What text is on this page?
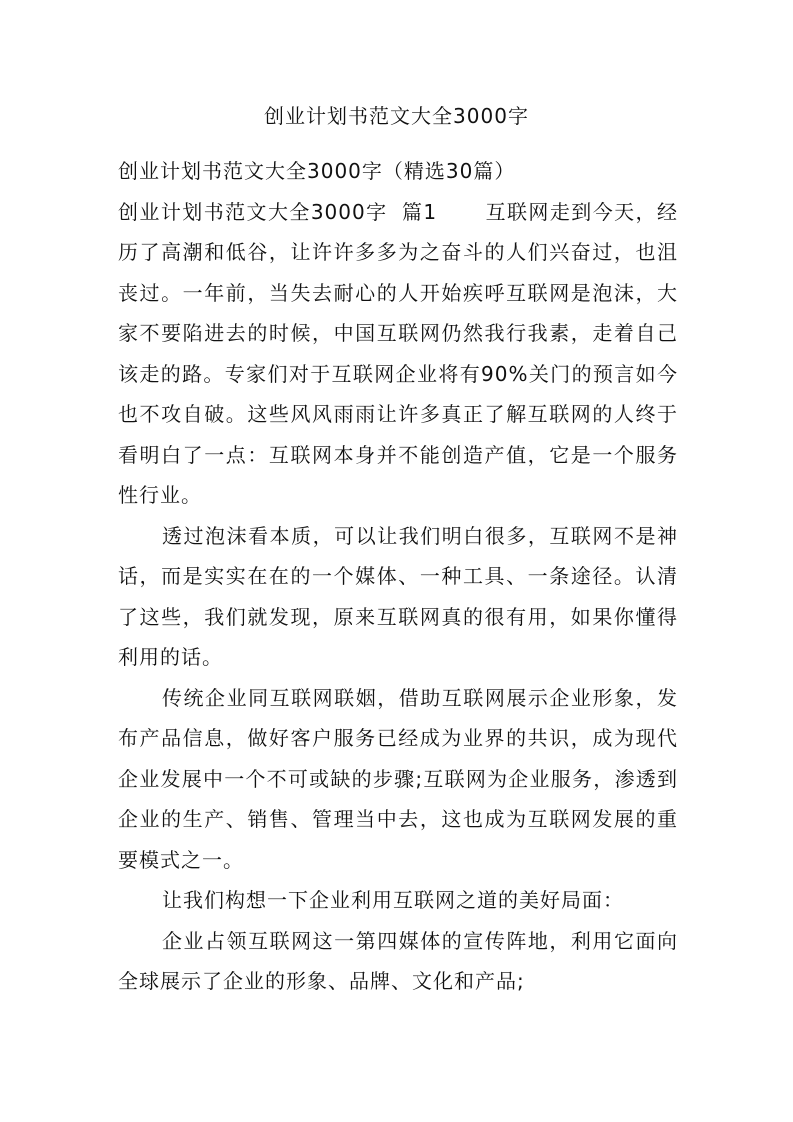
创业计划书范文大全3000字

创业计划书范文大全3000字（精选30篇）

创业计划书范文大全3000字 篇1 互联网走到今天，经历了高潮和低谷，让许许多多为之奋斗的人们兴奋过，也沮丧过。一年前，当失去耐心的人开始疾呼互联网是泡沫，大家不要陷进去的时候，中国互联网仍然我行我素，走着自己该走的路。专家们对于互联网企业将有90%关门的预言如今也不攻自破。这些风风雨雨让许多真正了解互联网的人终于看明白了一点：互联网本身并不能创造产值，它是一个服务性行业。

透过泡沫看本质，可以让我们明白很多，互联网不是神话，而是实实在在的一个媒体、一种工具、一条途径。认清了这些，我们就发现，原来互联网真的很有用，如果你懂得利用的话。

传统企业同互联网联姻，借助互联网展示企业形象，发布产品信息，做好客户服务已经成为业界的共识，成为现代企业发展中一个不可或缺的步骤;互联网为企业服务，渗透到企业的生产、销售、管理当中去，这也成为互联网发展的重要模式之一。

让我们构想一下企业利用互联网之道的美好局面：

企业占领互联网这一第四媒体的宣传阵地，利用它面向全球展示了企业的形象、品牌、文化和产品;
